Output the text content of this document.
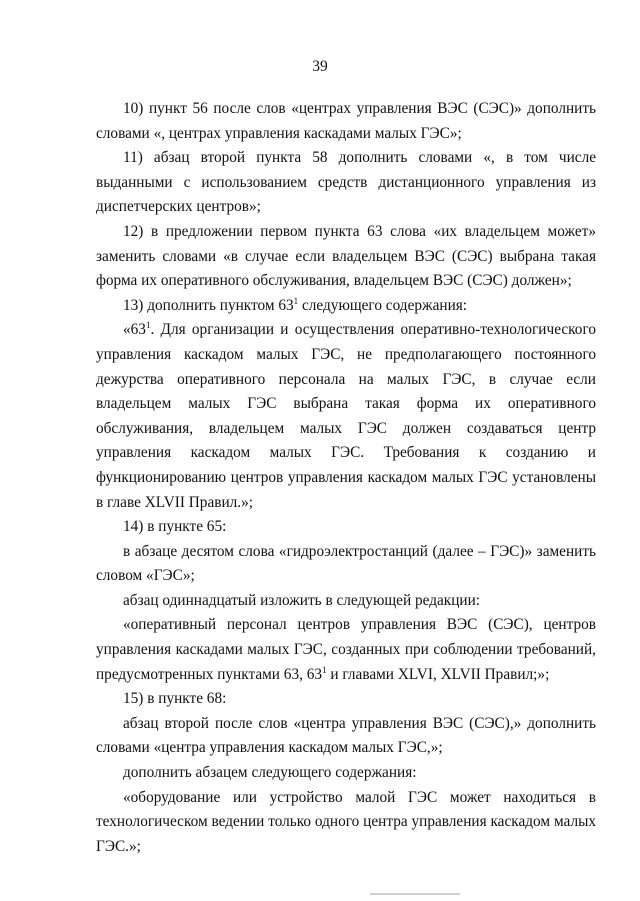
39

10) пункт 56 после слов «центрах управления ВЭС (СЭС)» дополнить словами «, центрах управления каскадами малых ГЭС»;

11) абзац второй пункта 58 дополнить словами «, в том числе выданными с использованием средств дистанционного управления из диспетчерских центров»;

12) в предложении первом пункта 63 слова «их владельцем может» заменить словами «в случае если владельцем ВЭС (СЭС) выбрана такая форма их оперативного обслуживания, владельцем ВЭС (СЭС) должен»;

13) дополнить пунктом $63^1$ следующего содержания:

«$63^1$. Для организации и осуществления оперативно-технологического управления каскадом малых ГЭС, не предполагающего постоянного дежурства оперативного персонала на малых ГЭС, в случае если владельцем малых ГЭС выбрана такая форма их оперативного обслуживания, владельцем малых ГЭС должен создаваться центр управления каскадом малых ГЭС. Требования к созданию и функционированию центров управления каскадом малых ГЭС установлены в главе XLVII Правил.»;

14) в пункте 65:

в абзаце десятом слова «гидроэлектростанций (далее – ГЭС)» заменить словом «ГЭС»;

абзац одиннадцатый изложить в следующей редакции:

«оперативный персонал центров управления ВЭС (СЭС), центров управления каскадами малых ГЭС, созданных при соблюдении требований, предусмотренных пунктами 63, $63^1$ и главами XLVI, XLVII Правил;»;

15) в пункте 68:

абзац второй после слов «центра управления ВЭС (СЭС),» дополнить словами «центра управления каскадом малых ГЭС,»;

дополнить абзацем следующего содержания:

«оборудование или устройство малой ГЭС может находиться в технологическом ведении только одного центра управления каскадом малых ГЭС.»;
